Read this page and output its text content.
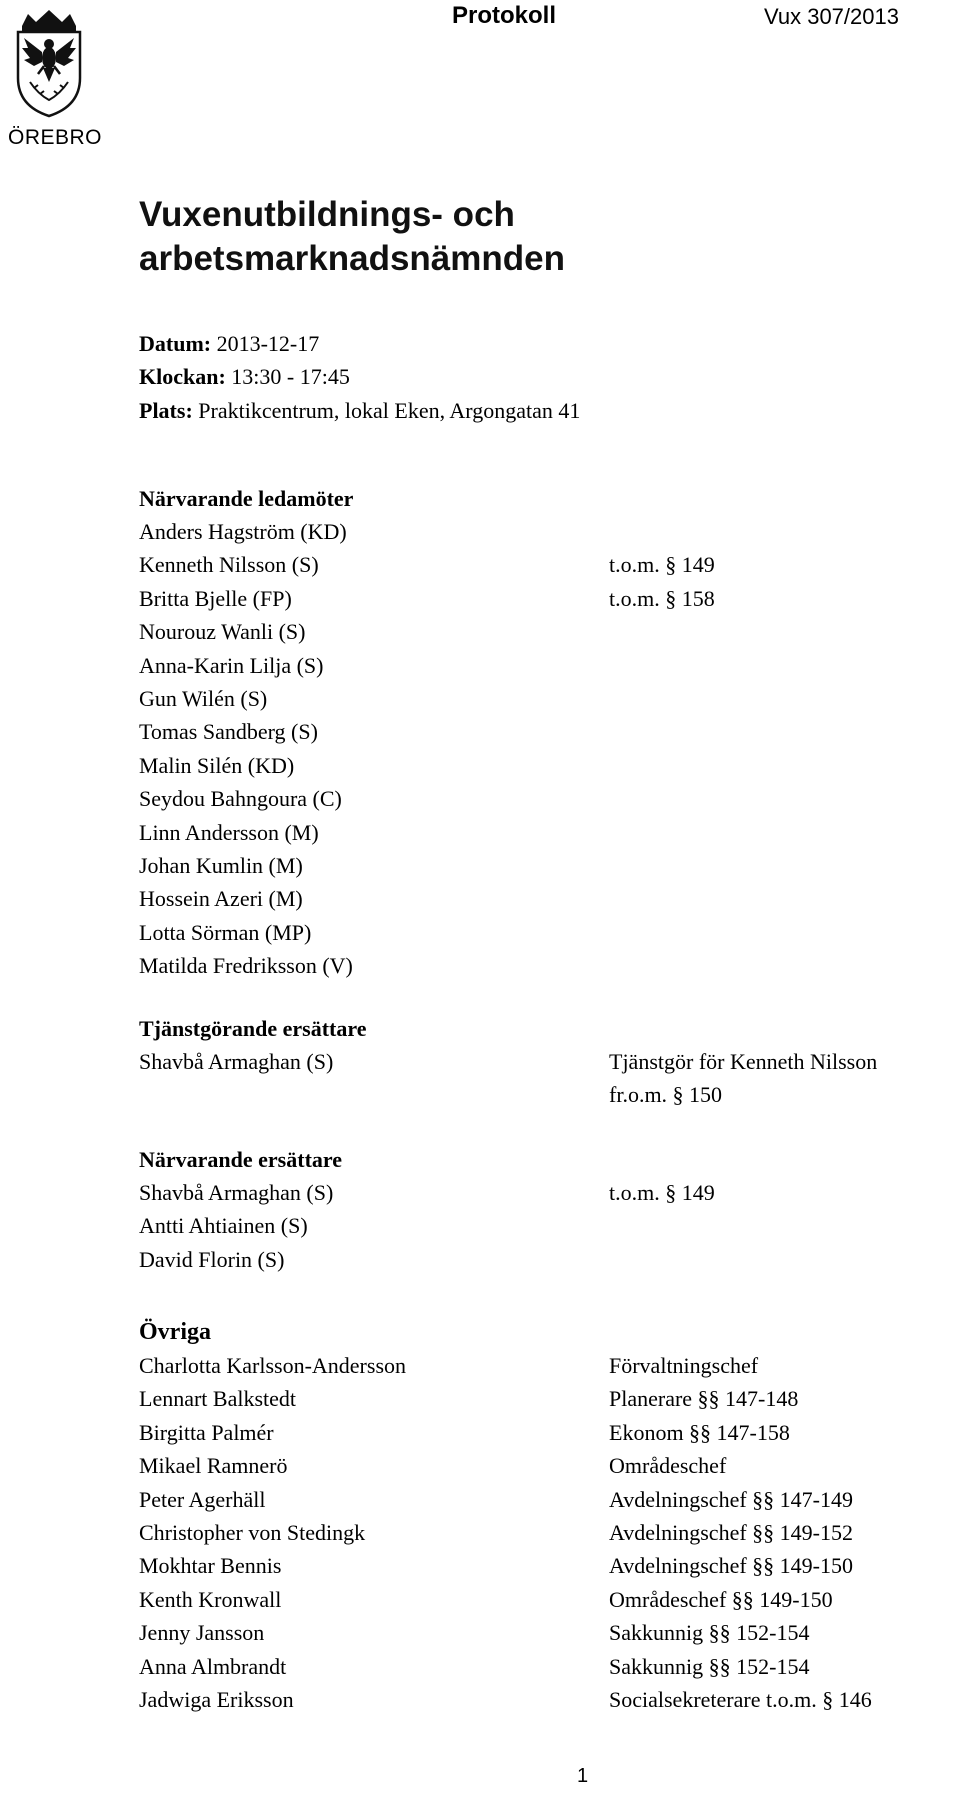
Protokoll	Vux 307/2013
ÖREBRO
Vuxenutbildnings- och
arbetsmarknadsnämnden
Datum: 2013-12-17
Klockan: 13:30 - 17:45
Plats: Praktikcentrum, lokal Eken, Argongatan 41
Närvarande ledamöter
Anders Hagström (KD)
Kenneth Nilsson (S)	t.o.m. § 149
Britta Bjelle (FP)	t.o.m. § 158
Nourouz Wanli (S)
Anna-Karin Lilja (S)
Gun Wilén (S)
Tomas Sandberg (S)
Malin Silén (KD)
Seydou Bahngoura (C)
Linn Andersson (M)
Johan Kumlin (M)
Hossein Azeri (M)
Lotta Sörman (MP)
Matilda Fredriksson (V)
Tjänstgörande ersättare
Shavbå Armaghan (S)	Tjänstgör för Kenneth Nilsson
fr.o.m. § 150
Närvarande ersättare
Shavbå Armaghan (S)	t.o.m. § 149
Antti Ahtiainen (S)
David Florin (S)
Övriga
Charlotta Karlsson-Andersson	Förvaltningschef
Lennart Balkstedt	Planerare §§ 147-148
Birgitta Palmér	Ekonom §§ 147-158
Mikael Ramnerö	Områdeschef
Peter Agerhäll	Avdelningschef §§ 147-149
Christopher von Stedingk	Avdelningschef §§ 149-152
Mokhtar Bennis	Avdelningschef §§ 149-150
Kenth Kronwall	Områdeschef §§ 149-150
Jenny Jansson	Sakkunnig §§ 152-154
Anna Almbrandt	Sakkunnig §§ 152-154
Jadwiga Eriksson	Socialsekreterare t.o.m. § 146
1
